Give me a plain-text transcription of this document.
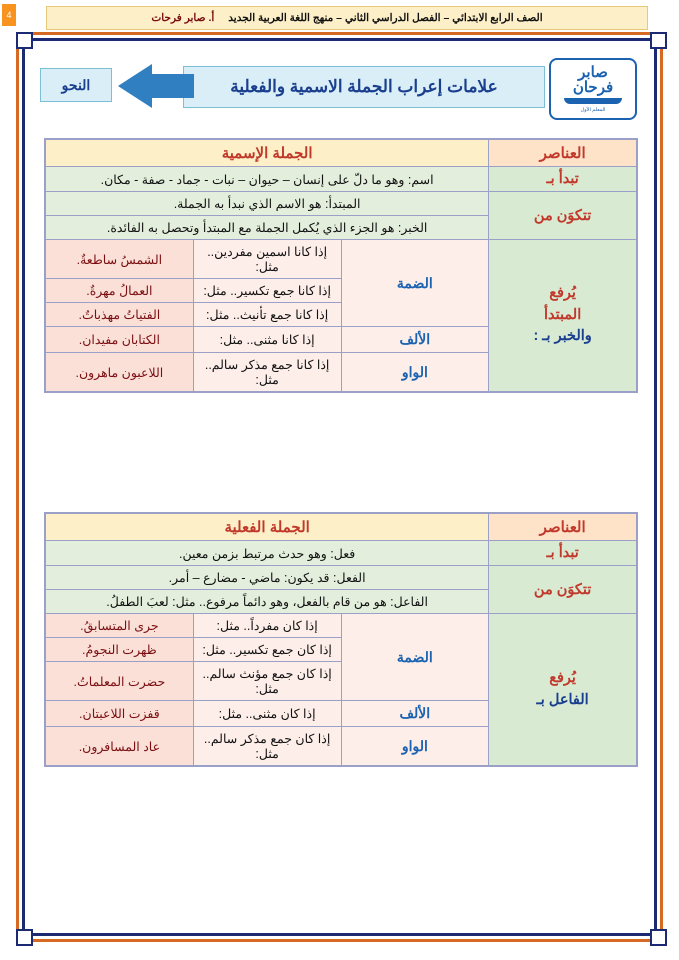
4	الصف الرابع الابتدائي – الفصل الدراسي الثاني – منهج اللغة العربية الجديد
أ. صابر فرحات
صابر
فرحان
المعلم الأول
علامات إعراب الجملة الاسمية والفعلية
النحو
العناصر	الجملة الإسمية		
تبدأ بـ	اسم: وهو ما دلّ على إنسان – حيوان – نبات - جماد - صفة - مكان.		
تتكوَن من	المبتدأ: هو الاسم الذي نبدأ به الجملة.		
	الخبر: هو الجزء الذي يُكمل الجملة مع المبتدأ وتحصل به الفائدة.		
يُرفع
المبتدأ
والخبر بـ :	الضمة	إذا كانا اسمين مفردين.. مثل:	الشمسُ ساطعةٌ.
		إذا كانا جمع تكسير.. مثل:	العمالُ مهرةٌ.
		إذا كانا جمع تأنيث.. مثل:	الفتياتُ مهذباتٌ.
	الألف	إذا كانا مثنى.. مثل:	الكتابان مفيدان.
	الواو	إذا كانا جمع مذكر سالم.. مثل:	اللاعبون ماهرون.
العناصر	الجملة الفعلية		
تبدأ بـ	فعل: وهو حدث مرتبط بزمن معين.		
تتكوَن من	الفعل: قد يكون: ماضي - مضارع – أمر.		
	الفاعل: هو من قام بالفعل، وهو دائماً مرفوع.. مثل: لعبَ الطفلُ.		
يُرفع
الفاعل بـ	الضمة	إذا كان مفرداً.. مثل:	جرى المتسابقُ.
		إذا كان جمع تكسير.. مثل:	ظهرت النجومُ.
		إذا كان جمع مؤنث سالم.. مثل:	حضرت المعلماتُ.
	الألف	إذا كان مثنى.. مثل:	قفزت اللاعبتان.
	الواو	إذا كان جمع مذكر سالم.. مثل:	عاد المسافرون.
